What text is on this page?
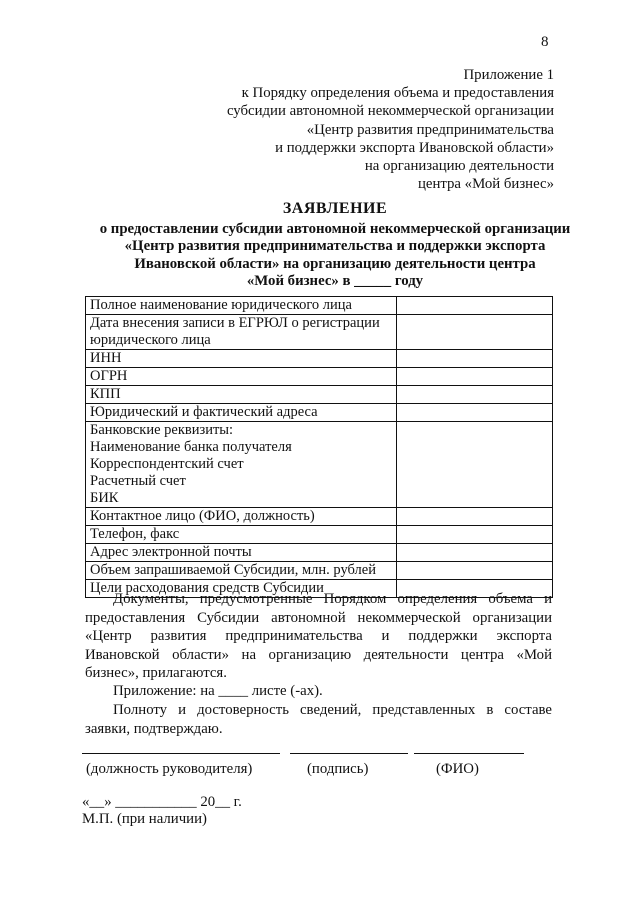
8
Приложение 1
к Порядку определения объема и предоставления
субсидии автономной некоммерческой организации
«Центр развития предпринимательства
и поддержки экспорта Ивановской области»
на организацию деятельности
центра «Мой бизнес»
ЗАЯВЛЕНИЕ
о предоставлении субсидии автономной некоммерческой организации
«Центр развития предпринимательства и поддержки экспорта
Ивановской области» на организацию деятельности центра
«Мой бизнес» в _____ году
Полное наименование юридического лица	

Дата внесения записи в ЕГРЮЛ о регистрации
юридического лица	

ИНН	

ОГРН	

КПП	

Юридический и фактический адреса	

Банковские реквизиты:
Наименование банка получателя
Корреспондентский счет
Расчетный счет
БИК	

Контактное лицо (ФИО, должность)	

Телефон, факс	

Адрес электронной почты	

Объем запрашиваемой Субсидии, млн. рублей	

Цели расходования средств Субсидии	

Документы, предусмотренные Порядком определения объема и предоставления Субсидии автономной некоммерческой организации «Центр развития предпринимательства и поддержки экспорта Ивановской области» на организацию деятельности центра «Мой бизнес», прилагаются.
Приложение: на ____ листе (-ах).
Полноту и достоверность сведений, представленных в составе заявки, подтверждаю.
(должность руководителя)	(подпись)	(ФИО)
«__» ___________ 20__ г.
М.П. (при наличии)
